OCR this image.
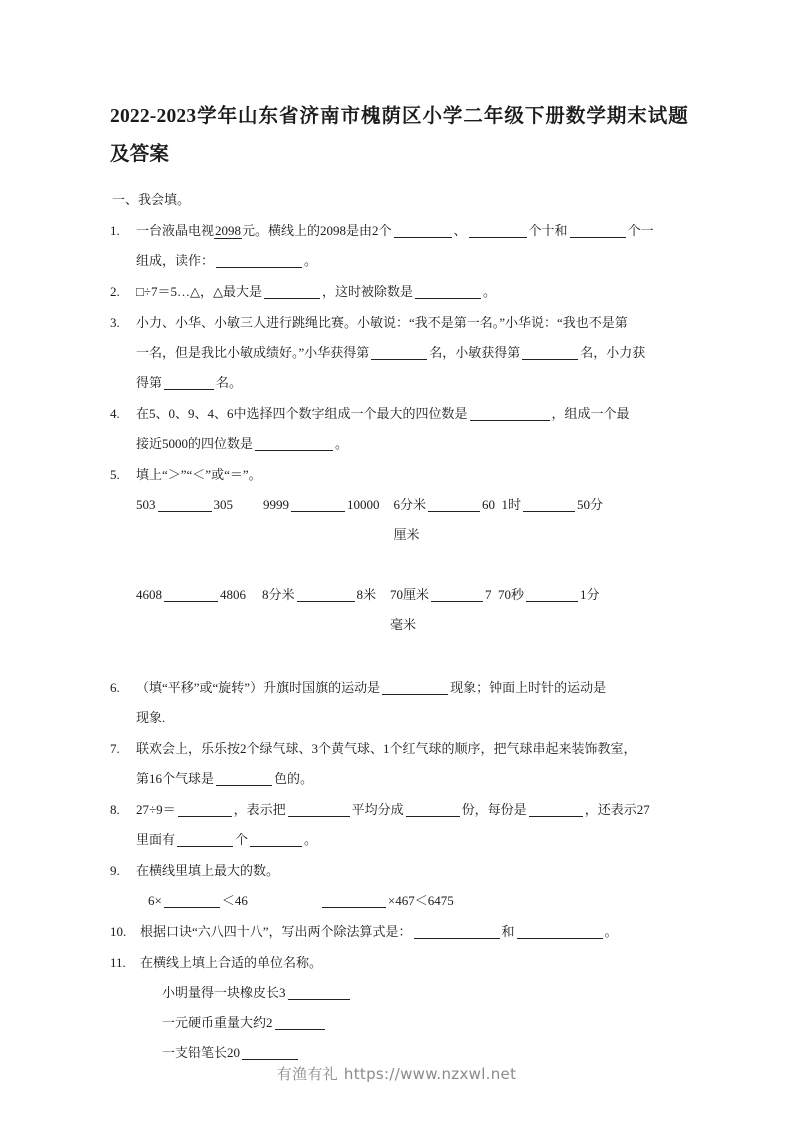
2022-2023学年山东省济南市槐荫区小学二年级下册数学期末试题及答案
一、我会填。
1.	一台液晶电视2098元。横线上的2098是由2个	、	个十和	个一
组成，读作：	。
2.	□÷7＝5…△，△最大是	，这时被除数是	。
3.	小力、小华、小敏三人进行跳绳比赛。小敏说：“我不是第一名。”小华说：“我也不是第
一名，但是我比小敏成绩好。”小华获得第	名，小敏获得第	名，小力获
得第	名。
4.	在5、0、9、4、6中选择四个数字组成一个最大的四位数是	，组成一个最
接近5000的四位数是	。
5.	填上“＞”“＜”或“＝”。
503	305 9999	10000 6分米	60厘米
1时	50分
4608	4806 8分米	8米 70厘米	7毫米
70秒	1分
6.	（填“平移”或“旋转”）升旗时国旗的运动是	现象；钟面上时针的运动是
现象.
7.	联欢会上，乐乐按2个绿气球、3个黄气球、1个红气球的顺序，把气球串起来装饰教室，
第16个气球是	色的。
8.	27÷9＝	，表示把	平均分成	份，每份是	，还表示27
里面有	个	。
9.	在横线里填上最大的数。
6×	＜46	×467＜6475
10.	根据口诀“六八四十八”，写出两个除法算式是：	和	。
11.	在横线上填上合适的单位名称。
小明量得一块橡皮长3
一元硬币重量大约2
一支铅笔长20
有渔有礼 https://www.nzxwl.net
